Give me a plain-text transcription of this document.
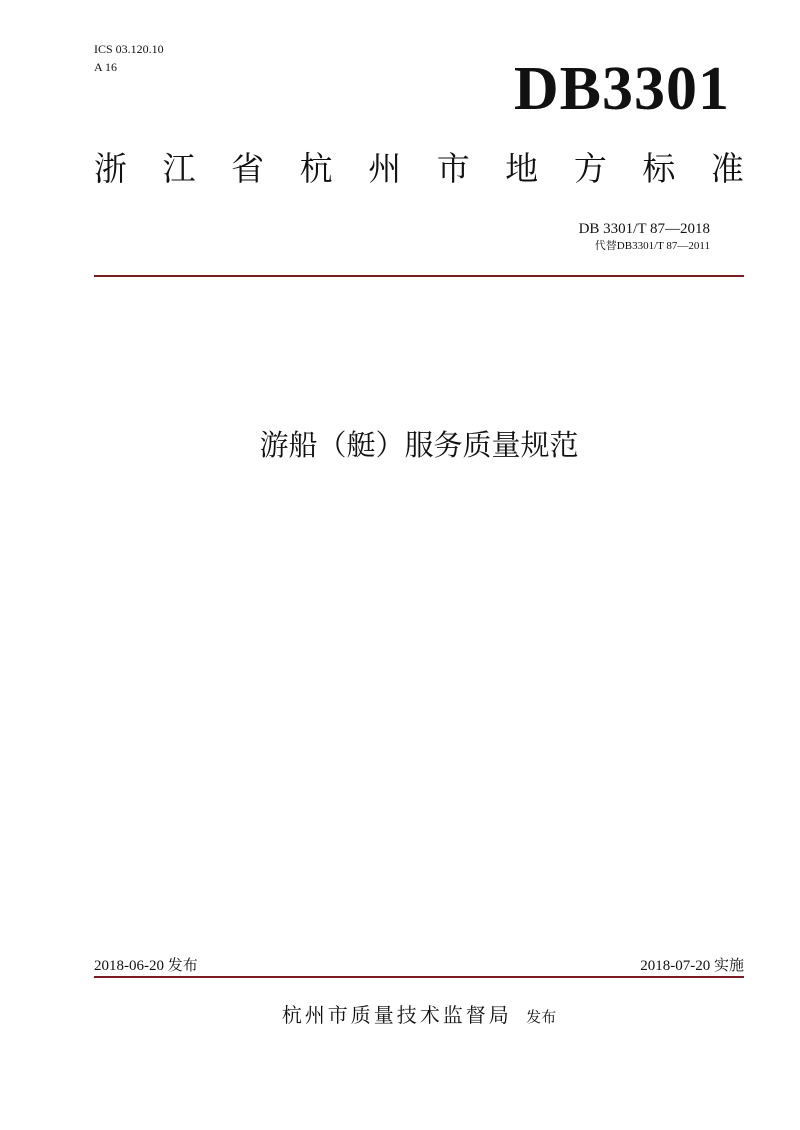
ICS 03.120.10
A 16	DB3301
浙 江 省 杭 州 市 地 方 标 准
DB 3301/T 87—2018
代替DB3301/T 87—2011
游船（艇）服务质量规范
2018-06-20 发布	2018-07-20 实施
杭州市质量技术监督局 发布
